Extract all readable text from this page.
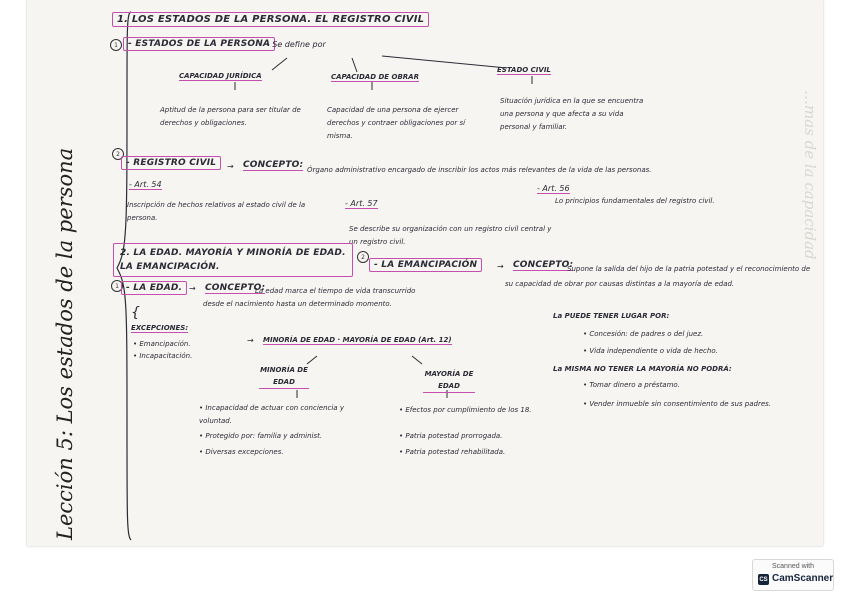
Lección 5: Los estados de la persona	…mas de la capacidad
1. LOS ESTADOS DE LA PERSONA. EL REGISTRO CIVIL
1	- ESTADOS DE LA PERSONA
→ Se define por
CAPACIDAD JURÍDICA
Aptitud de la persona para ser titular de derechos y obligaciones.
CAPACIDAD DE OBRAR
Capacidad de una persona de ejercer derechos y contraer obligaciones por sí misma.
ESTADO CIVIL
Situación jurídica en la que se encuentra una persona y que afecta a su vida personal y familiar.
2
- REGISTRO CIVIL	→ CONCEPTO: Órgano administrativo encargado de inscribir los actos más relevantes de la vida de las personas.
- Art. 54
Inscripción de hechos relativos al estado civil de la persona.
- Art. 57
Se describe su organización con un registro civil central y un registro civil.
- Art. 56
Lo principios fundamentales del registro civil.
2. LA EDAD. MAYORÍA Y MINORÍA DE EDAD.
LA EMANCIPACIÓN.
2
- LA EMANCIPACIÓN	→ CONCEPTO:
Supone la salida del hijo de la patria potestad y el reconocimiento de su capacidad de obrar por causas distintas a la mayoría de edad.
La PUEDE TENER LUGAR POR:
• Concesión: de padres o del juez.
• Vida independiente o vida de hecho.
La MISMA NO TENER LA MAYORÍA NO PODRÁ:
• Tomar dinero a préstamo.
• Vender inmueble sin consentimiento de sus padres.
1 - LA EDAD. → CONCEPTO:
La edad marca el tiempo de vida transcurrido desde el nacimiento hasta un determinado momento.
{
EXCEPCIONES:
• Emancipación.
• Incapacitación.
→ MINORÍA DE EDAD · MAYORÍA DE EDAD (Art. 12)
MINORÍA DE EDAD
• Incapacidad de actuar con conciencia y voluntad.
• Protegido por: familia y administ.
• Diversas excepciones.
MAYORÍA DE EDAD
• Efectos por cumplimiento de los 18.
• Patria potestad prorrogada.
• Patria potestad rehabilitada.
Scanned with
CS CamScanner
